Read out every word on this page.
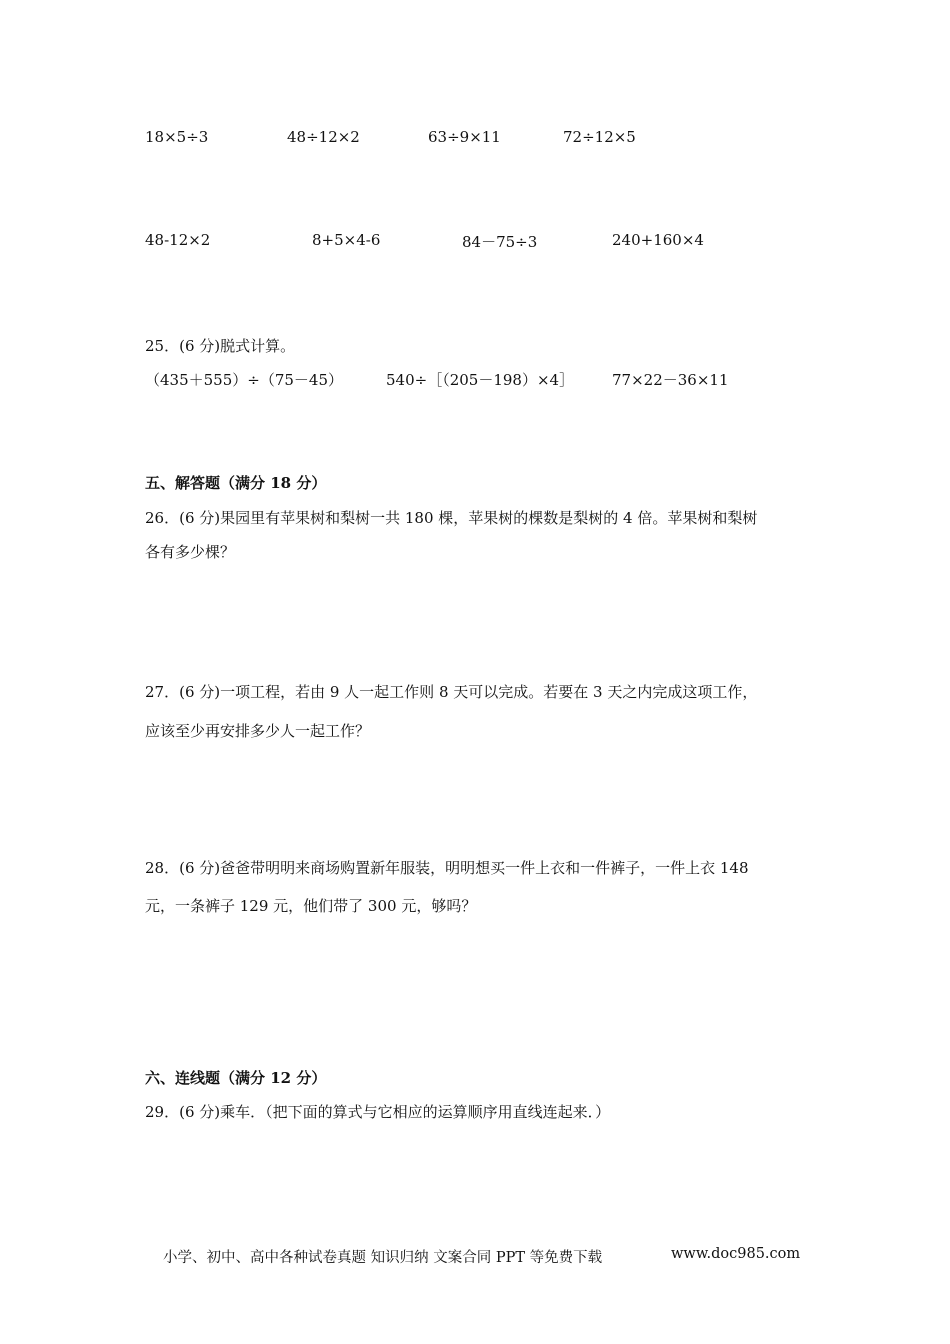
18×5÷3	48÷12×2	63÷9×11	72÷12×5
48-12×2	8+5×4-6	84－75÷3	240+160×4
25．(6 分)脱式计算。
（435＋555）÷（75－45）	540÷［（205－198）×4］	77×22－36×11
五、解答题（满分 18 分）
26．(6 分)果园里有苹果树和梨树一共 180 棵，苹果树的棵数是梨树的 4 倍。苹果树和梨树
各有多少棵？
27．(6 分)一项工程，若由 9 人一起工作则 8 天可以完成。若要在 3 天之内完成这项工作，
应该至少再安排多少人一起工作？
28．(6 分)爸爸带明明来商场购置新年服装，明明想买一件上衣和一件裤子，一件上衣 148
元，一条裤子 129 元，他们带了 300 元，够吗？
六、连线题（满分 12 分）
29．(6 分)乘车．（把下面的算式与它相应的运算顺序用直线连起来．）
小学、初中、高中各种试卷真题 知识归纳 文案合同 PPT 等免费下载	www.doc985.com
